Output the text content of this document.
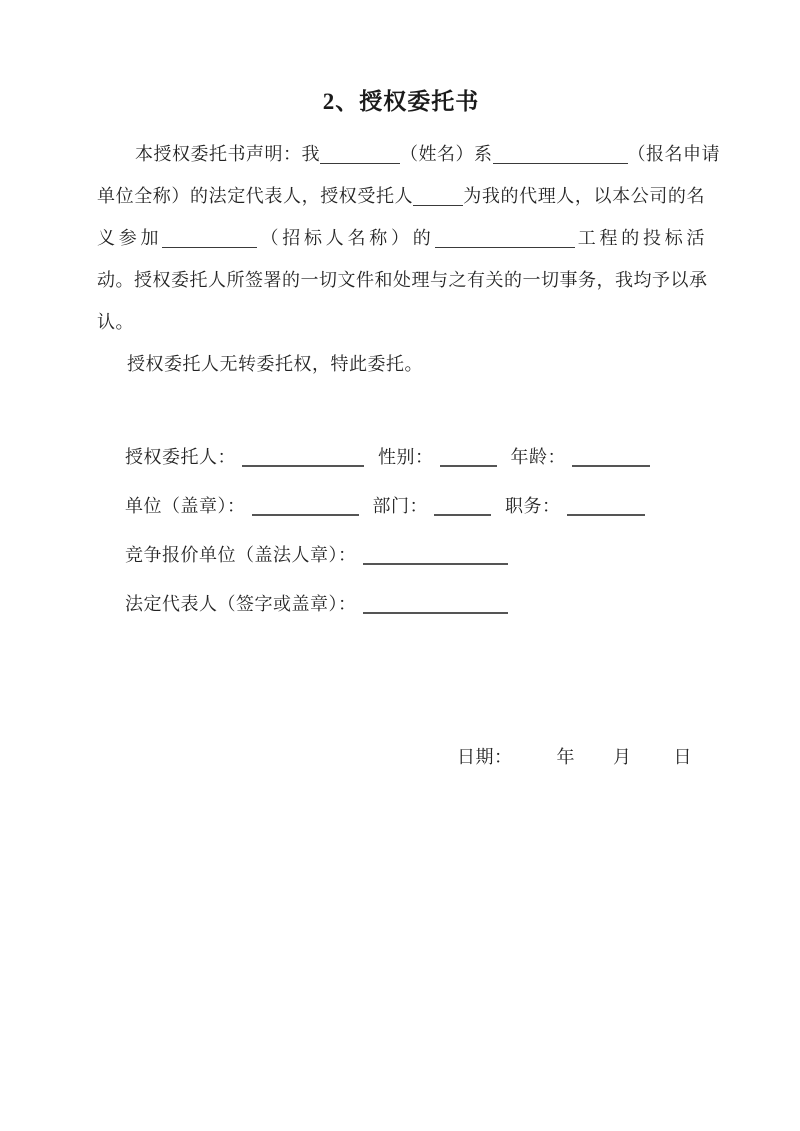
2、授权委托书
本授权委托书声明：我	（姓名）系	（报名申请
单位全称）的法定代表人，授权受托人	为我的代理人，以本公司的名
义参加	（招标人名称）的	工程的投标活
动。授权委托人所签署的一切文件和处理与之有关的一切事务，我均予以承
认。
授权委托人无转委托权，特此委托。
授权委托人：	性别：	年龄：
单位（盖章）：	部门：	职务：
竞争报价单位（盖法人章）：
法定代表人（签字或盖章）：
日期： 年 月 日
